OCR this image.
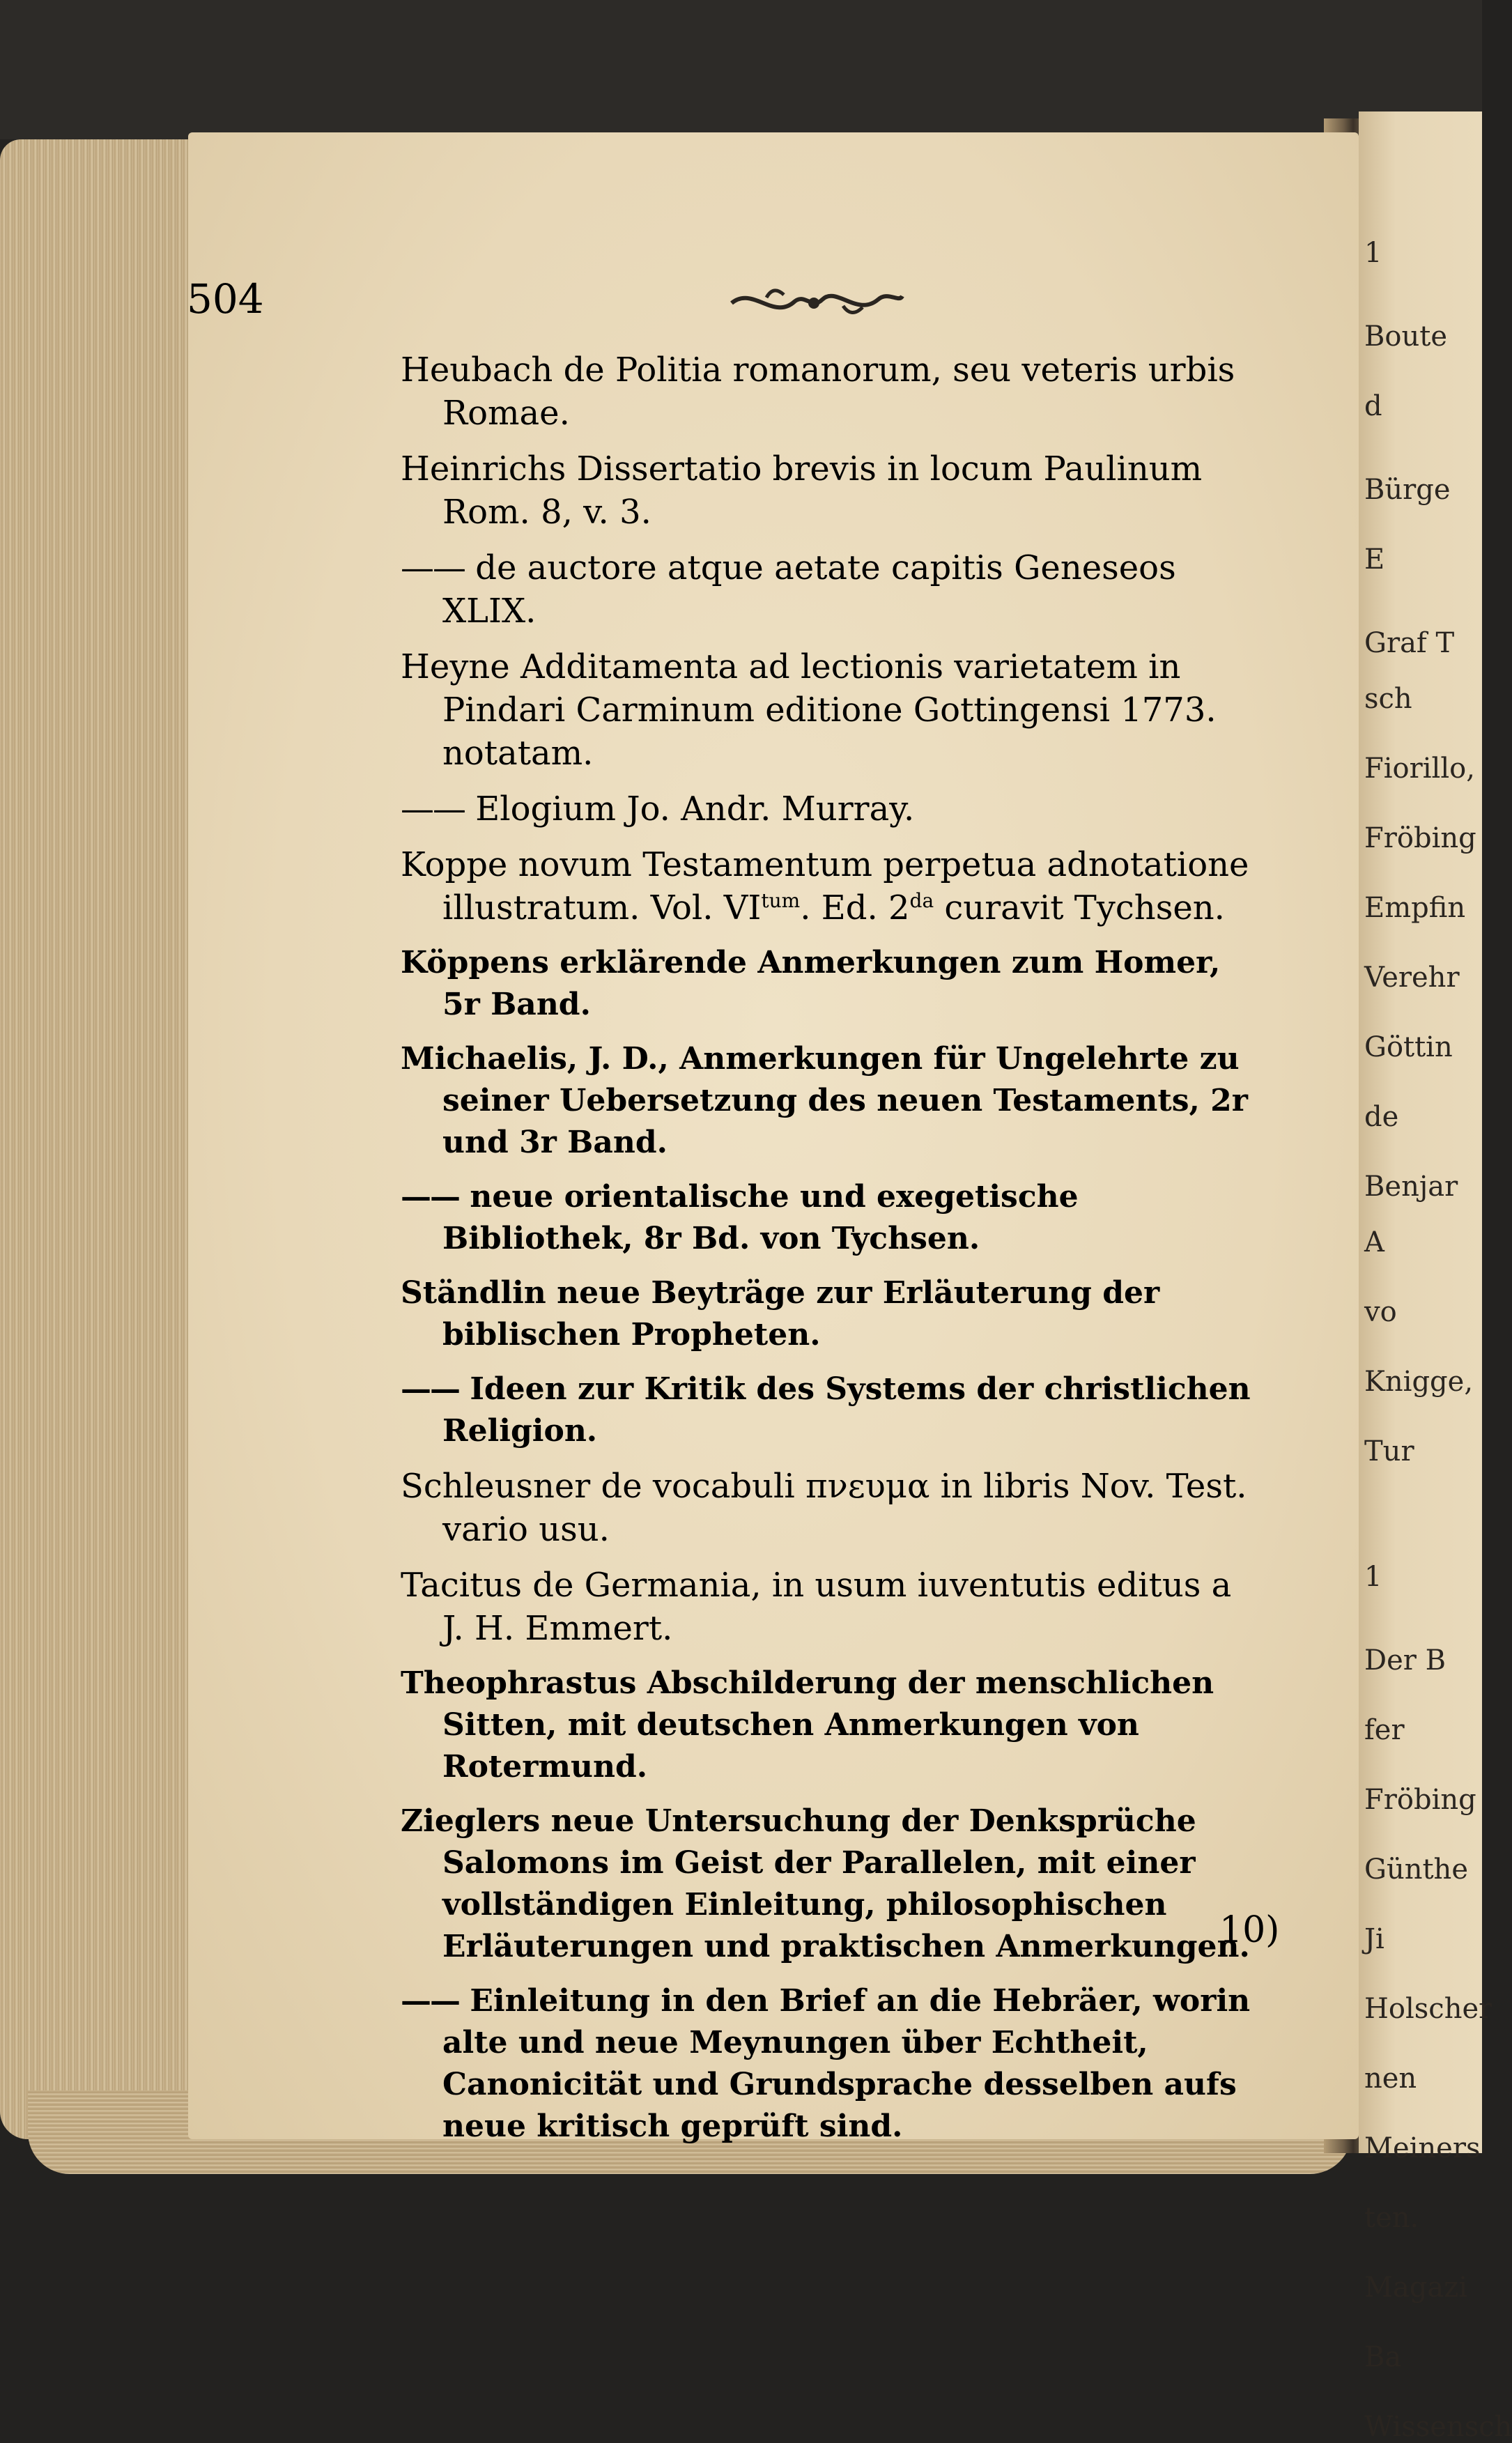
1
Boute
d
Bürge
E
Graf T
sch
Fiorillo,
Fröbing
Empfin
Verehr
Göttin
de
Benjar
A
vo
Knigge,
Tur
1
Der B
fer
Fröbing
Günthe
Ji
Holscher
nen
Meiners
ten.
Magazi
Ba
Wissensch
504
Heubach de Politia romanorum, seu veteris urbis Romae.
Heinrichs Dissertatio brevis in locum Paulinum Rom. 8, v. 3.
—— de auctore atque aetate capitis Geneseos XLIX.
Heyne Additamenta ad lectionis varietatem in Pindari Carminum editione Gottingensi 1773. notatam.
—— Elogium Jo. Andr. Murray.
Koppe novum Testamentum perpetua adnotatione illustratum. Vol. $VI^{tum}$. Ed. $2^{da}$ curavit Tychsen.
Köppens erklärende Anmerkungen zum Homer, 5r Band.
Michaelis, J. D., Anmerkungen für Ungelehrte zu seiner Uebersetzung des neuen Testaments, 2r und 3r Band.
—— neue orientalische und exegetische Bibliothek, 8r Bd. von Tychsen.
Ständlin neue Beyträge zur Erläuterung der biblischen Propheten.
—— Ideen zur Kritik des Systems der christlichen Religion.
Schleusner de vocabuli πνευμα in libris Nov. Test. vario usu.
Tacitus de Germania, in usum iuventutis editus a J. H. Emmert.
Theophrastus Abschilderung der menschlichen Sitten, mit deutschen Anmerkungen von Rotermund.
Zieglers neue Untersuchung der Denksprüche Salomons im Geist der Parallelen, mit einer vollständigen Einleitung, philosophischen Erläuterungen und praktischen Anmerkungen.
—— Einleitung in den Brief an die Hebräer, worin alte und neue Meynungen über Echtheit, Canonicität und Grundsprache desselben aufs neue kritisch geprüft sind.
10)
